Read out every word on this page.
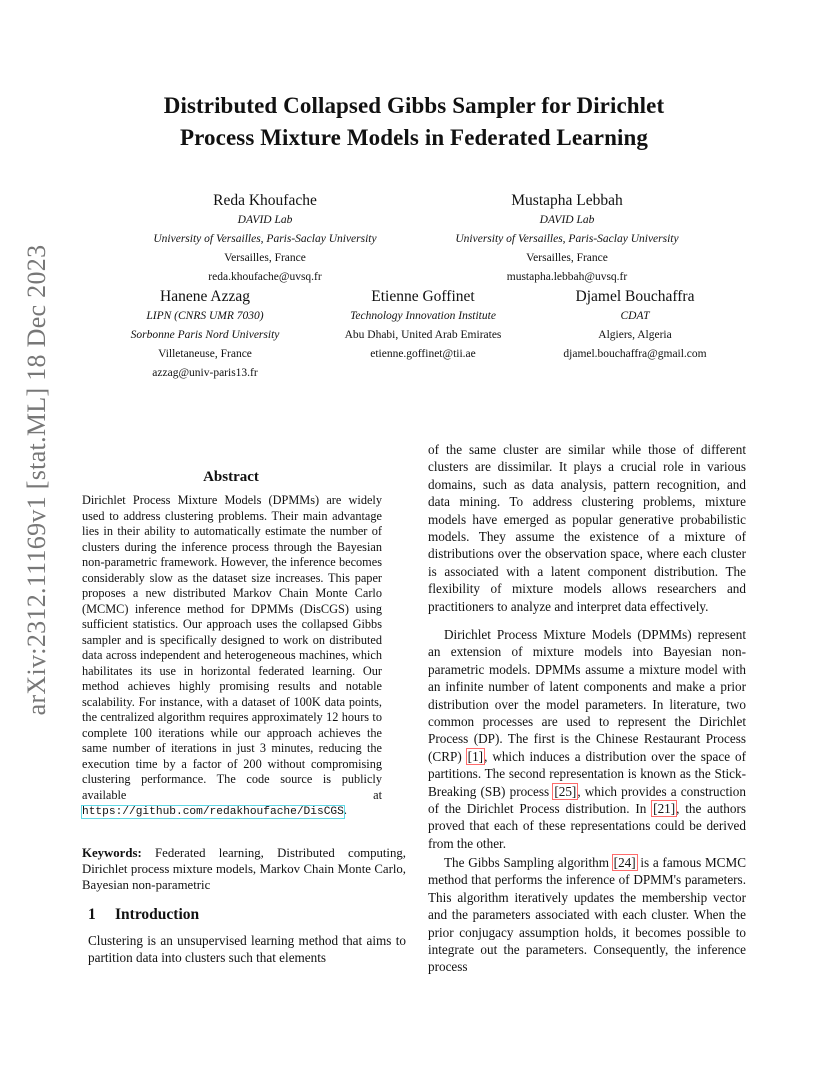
arXiv:2312.11169v1 [stat.ML] 18 Dec 2023
Distributed Collapsed Gibbs Sampler for Dirichlet
Process Mixture Models in Federated Learning
Reda Khoufache
DAVID Lab
University of Versailles, Paris-Saclay University
Versailles, France
reda.khoufache@uvsq.fr
Mustapha Lebbah
DAVID Lab
University of Versailles, Paris-Saclay University
Versailles, France
mustapha.lebbah@uvsq.fr
Hanene Azzag
LIPN (CNRS UMR 7030)
Sorbonne Paris Nord University
Villetaneuse, France
azzag@univ-paris13.fr
Etienne Goffinet
Technology Innovation Institute
Abu Dhabi, United Arab Emirates
etienne.goffinet@tii.ae
Djamel Bouchaffra
CDAT
Algiers, Algeria
djamel.bouchaffra@gmail.com
Abstract
Dirichlet Process Mixture Models (DPMMs) are widely used to address clustering problems. Their main advantage lies in their ability to automatically estimate the number of clusters during the inference process through the Bayesian non-parametric framework. However, the inference becomes considerably slow as the dataset size increases. This paper proposes a new distributed Markov Chain Monte Carlo (MCMC) inference method for DPMMs (DisCGS) using sufficient statistics. Our approach uses the collapsed Gibbs sampler and is specifically designed to work on distributed data across independent and heterogeneous machines, which habilitates its use in horizontal federated learning. Our method achieves highly promising results and notable scalability. For instance, with a dataset of 100K data points, the centralized algorithm requires approximately 12 hours to complete 100 iterations while our approach achieves the same number of iterations in just 3 minutes, reducing the execution time by a factor of 200 without compromising clustering performance. The code source is publicly available at https://github.com/redakhoufache/DisCGS.
Keywords: Federated learning, Distributed computing, Dirichlet process mixture models, Markov Chain Monte Carlo, Bayesian non-parametric
1 Introduction
Clustering is an unsupervised learning method that aims to partition data into clusters such that elements
of the same cluster are similar while those of different clusters are dissimilar. It plays a crucial role in various domains, such as data analysis, pattern recognition, and data mining. To address clustering problems, mixture models have emerged as popular generative probabilistic models. They assume the existence of a mixture of distributions over the observation space, where each cluster is associated with a latent component distribution. The flexibility of mixture models allows researchers and practitioners to analyze and interpret data effectively.
Dirichlet Process Mixture Models (DPMMs) represent an extension of mixture models into Bayesian non-parametric models. DPMMs assume a mixture model with an infinite number of latent components and make a prior distribution over the model parameters. In literature, two common processes are used to represent the Dirichlet Process (DP). The first is the Chinese Restaurant Process (CRP) [1], which induces a distribution over the space of partitions. The second representation is known as the Stick-Breaking (SB) process [25], which provides a construction of the Dirichlet Process distribution. In [21], the authors proved that each of these representations could be derived from the other.
The Gibbs Sampling algorithm [24] is a famous MCMC method that performs the inference of DPMM's parameters. This algorithm iteratively updates the membership vector and the parameters associated with each cluster. When the prior conjugacy assumption holds, it becomes possible to integrate out the parameters. Consequently, the inference process
